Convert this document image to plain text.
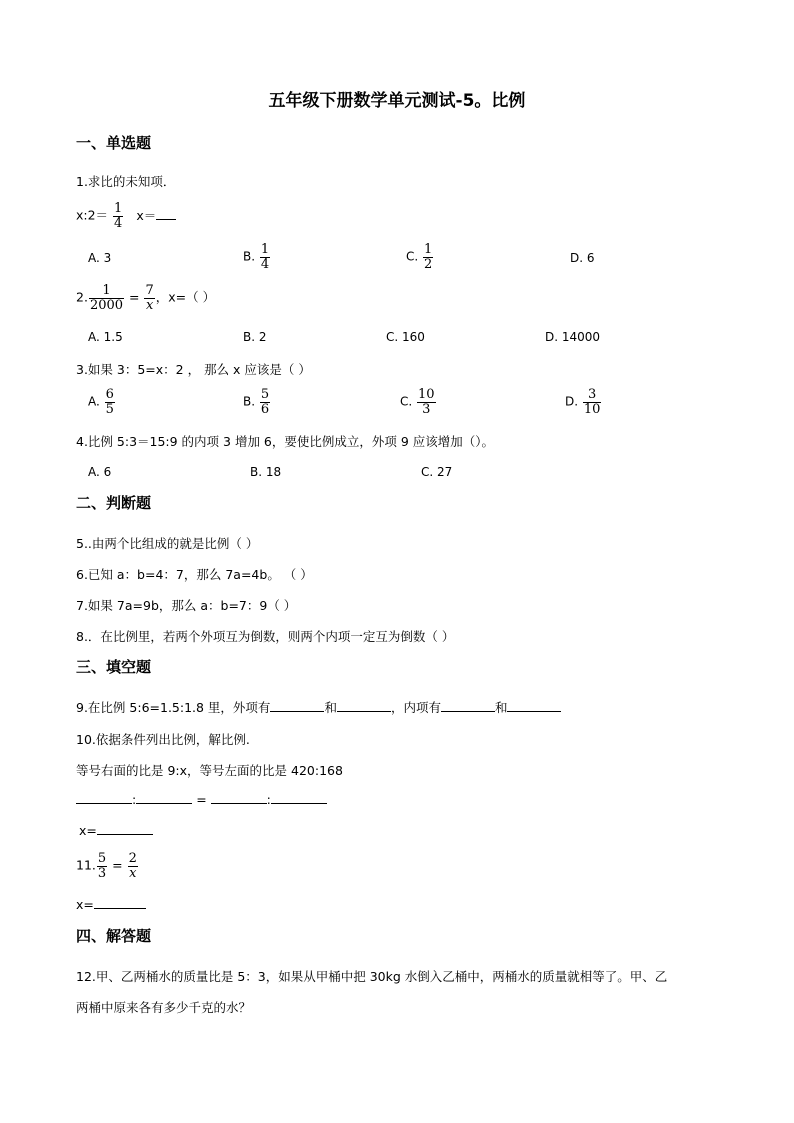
五年级下册数学单元测试-5。比例
一、单选题
1.求比的未知项．
x:2＝ $\frac{1}{4} x=$
A. 3	B. $\frac{1}{4}$	C. $\frac{1}{2}$	D. 6
2. $\frac{1}{2000} = \frac{7}{x}$ ，x=（ ）
A. 1.5	B. 2	C. 160	D. 14000
3.如果 3：5=x：2 ， 那么 x 应该是（ ）
A. $\frac{6}{5}$	B. $\frac{5}{6}$	C. $\frac{10}{3}$	D. $\frac{3}{10}$
4.比例 5:3＝15:9 的内项 3 增加 6，要使比例成立，外项 9 应该增加（）。
A. 6	B. 18	C. 27
二、判断题
5..由两个比组成的就是比例（ ）
6.已知 a：b=4：7，那么 7a=4b。 （ ）
7.如果 7a=9b，那么 a：b=7：9（ ）
8.．在比例里，若两个外项互为倒数，则两个内项一定互为倒数（ ）
三、填空题
9.在比例 5:6=1.5:1.8 里，外项有	和	，内项有	和
10.依据条件列出比例，解比例.
等号右面的比是 9:x，等号左面的比是 420:168
:	=	:
x=
11. $\frac{5}{3} = \frac{2}{x}$
x=
四、解答题
12.甲、乙两桶水的质量比是 5：3，如果从甲桶中把 30kg 水倒入乙桶中，两桶水的质量就相等了。甲、乙
两桶中原来各有多少千克的水？
